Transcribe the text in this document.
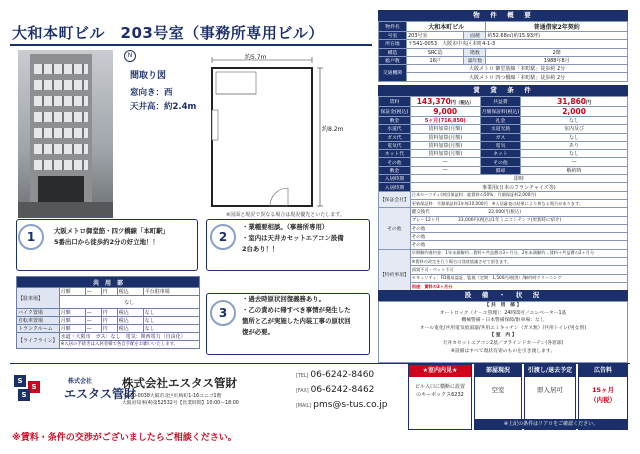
大和本町ビル　203号室（事務所専用ビル）
N
間取り図
窓向き：西
天井高：約2.4m
約5.7m
約8.2m
※図面と現況で異なる場合は現況優先といたします。
1	大阪メトロ御堂筋・四ツ橋線「本町駅」
5番出口から徒歩約2分の好立地！！	2
・業種要相談。（事務所専用）
・室内は天井カセットエアコン設備
2台あり！！
3
・過去時原状回復義務あり。
・乙の責めに帰すべき事情が発生した
箇所と乙が実施した内装工事の原状回
復が必要。
共　用　部					
【駐車場】	月額	—	円	税込	平台駐車場
	なし				
バイク置場	月額	—	円	税込	なし
自転車置場	月額	—	円	税込	なし
トランクルーム	月額	—	円	税込	なし
【ライフライン】	水道・大阪市　ガス：なし　電気：関西電力（自由化）				
	※入居の手続きは入居者様で各自手配をお願いいたします。				
S
S
S
株式会社
エスタス管財
株式会社エスタス管財
〒530-0038大阪市北区紅梅町1-16ユニゴ1階
大阪府知事(4)第52532号【営業時間】10:00～18:00
[TEL] 06-6242-8460
[FAX] 06-6242-8462
[MAIL] pms@s-tus.co.jp
※賃料・条件の交渉がございましたらご相談ください。
物　件　概　要
物件名	大和本町ビル		普通借家2年契約
号室	203号室	面積	約52.68㎡(約15.93坪)
所在地	〒541-0053　大阪市中央区本町4-1-3		
構造	SRC造	階数	2階
総戸数	16戸	築年数	1988年8月
交通機関	大阪メトロ 御堂筋線「本町駅」徒歩約 2分		
	大阪メトロ 四つ橋線「本町駅」徒歩約 2分		
賃　貸　条　件
賃料	143,370円（税込）	共益費	31,860円
保証金(税込)	9,000	月額保証料(税込)	2,000
敷金	5ヶ月(716,850)	礼金	なし
水道代	賃料加算(月額)	水道光熱	室内及び
ガス代	賃料加算(月額)	ガス	なし
電気代	賃料加算(月額)	電気	あり
ネット代	賃料加算(月額)	ネット	なし
その他	—	その他	—
敷金	—	償却	解約時
入居時期	即時		
入居時期	事業用(日本のフランチャイズ等)		
【保証会社】	日本セーフティ(初回保証料：総賃料の50%、月額保証料2,000円)		
	更新保証料：月額保証料1年毎10,000円　※入居審査の結果により異なる場合があります。		
その他	鍵交換代　　　　　　　　　　　　　22,000円(税込)		
	ブレー12ヶ月　　　　33,000円(税込)/1年ミニコンテンツ(更新時に紹介)		
	その他		
	その他		
	その他		
【特約事項】	早期解約違約金：1年未満解約…賃料＋共益費の3ヶ月分、2年未満解約…賃料＋共益費の2ヶ月分		
	※賃料の改定を行う場合は別途協議させて頂きます。		
	預貸不可・ペット不可		
	セキュリティ：FD簡易認証、監視（定期：1,500円/税別）/解約時クリーニング		
	別途：賃料の3ヶ月分		

設　備　・　状　況
【 共　用　部 】
オートロック（ナ－エ管理）：24時間可／エレベーター1基
機械警備・日本警備保障/駐車場：なし
オール電化/共用電気給湯器/共用エミキッチン（ガス無）/共用トイレ(男女別)
【 室　内 】
天井カセットエアコン2基／ブラインドカーテン(各窓部)
※設備はすべて現状有姿のものを引き渡します。
★室内内見★
ビル入口に横断に設置
のキーボックス6232
部屋現況
空室
引渡し/退去予定
即入居可
広告料
15ヶ月
（内税）
※上記の条件はリアロをご確認ください。
